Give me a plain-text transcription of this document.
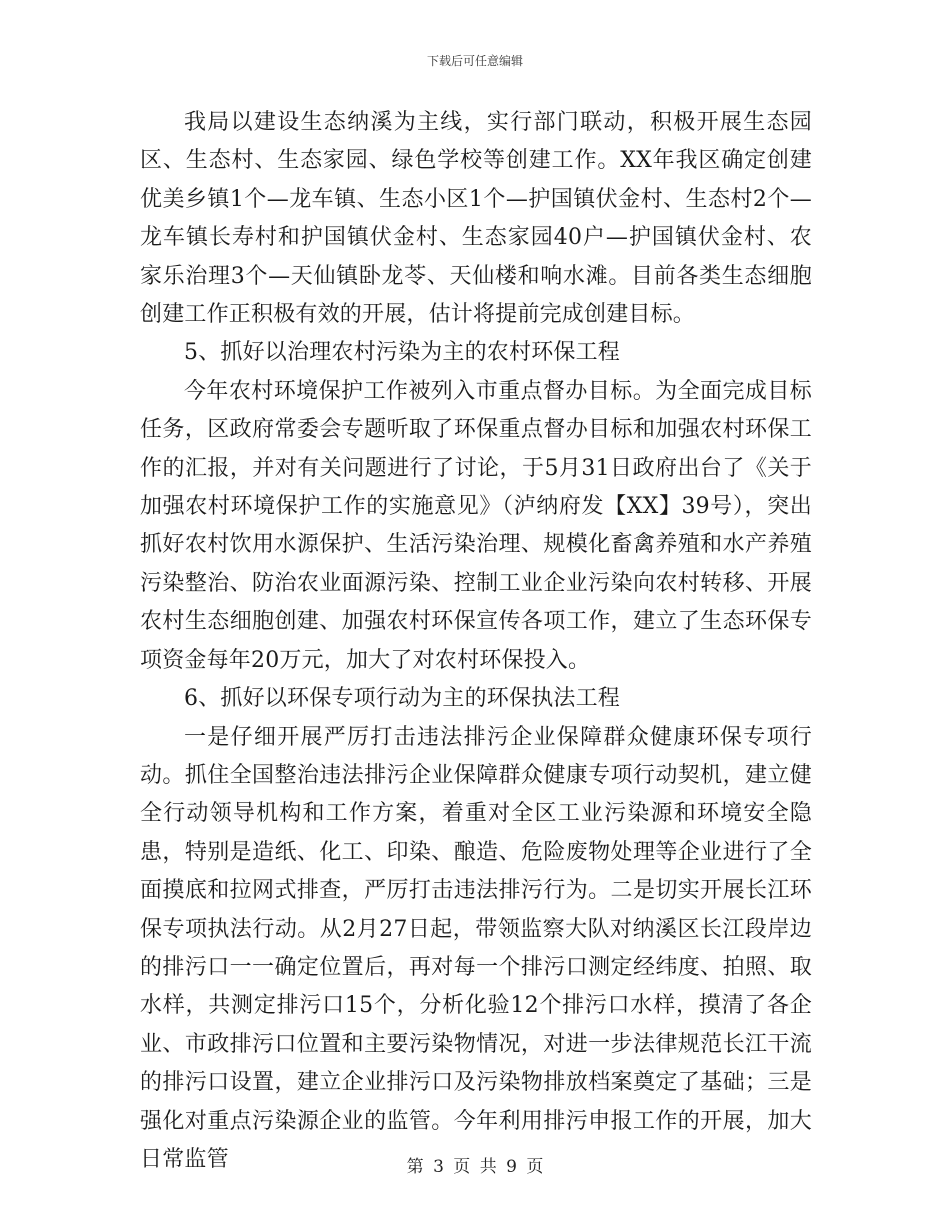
下载后可任意编辑

我局以建设生态纳溪为主线，实行部门联动，积极开展生态园区、生态村、生态家园、绿色学校等创建工作。XX年我区确定创建优美乡镇1个—龙车镇、生态小区1个—护国镇伏金村、生态村2个—龙车镇长寿村和护国镇伏金村、生态家园40户—护国镇伏金村、农家乐治理3个—天仙镇卧龙苓、天仙楼和响水滩。目前各类生态细胞创建工作正积极有效的开展，估计将提前完成创建目标。

5、抓好以治理农村污染为主的农村环保工程

今年农村环境保护工作被列入市重点督办目标。为全面完成目标任务，区政府常委会专题听取了环保重点督办目标和加强农村环保工作的汇报，并对有关问题进行了讨论，于5月31日政府出台了《关于加强农村环境保护工作的实施意见》（泸纳府发【XX】39号），突出抓好农村饮用水源保护、生活污染治理、规模化畜禽养殖和水产养殖污染整治、防治农业面源污染、控制工业企业污染向农村转移、开展农村生态细胞创建、加强农村环保宣传各项工作，建立了生态环保专项资金每年20万元，加大了对农村环保投入。

6、抓好以环保专项行动为主的环保执法工程

一是仔细开展严厉打击违法排污企业保障群众健康环保专项行动。抓住全国整治违法排污企业保障群众健康专项行动契机，建立健全行动领导机构和工作方案，着重对全区工业污染源和环境安全隐患，特别是造纸、化工、印染、酿造、危险废物处理等企业进行了全面摸底和拉网式排查，严厉打击违法排污行为。二是切实开展长江环保专项执法行动。从2月27日起，带领监察大队对纳溪区长江段岸边的排污口一一确定位置后，再对每一个排污口测定经纬度、拍照、取水样，共测定排污口15个，分析化验12个排污口水样，摸清了各企业、市政排污口位置和主要污染物情况，对进一步法律规范长江干流的排污口设置，建立企业排污口及污染物排放档案奠定了基础；三是强化对重点污染源企业的监管。今年利用排污申报工作的开展，加大日常监管	第 3 页 共 9 页
